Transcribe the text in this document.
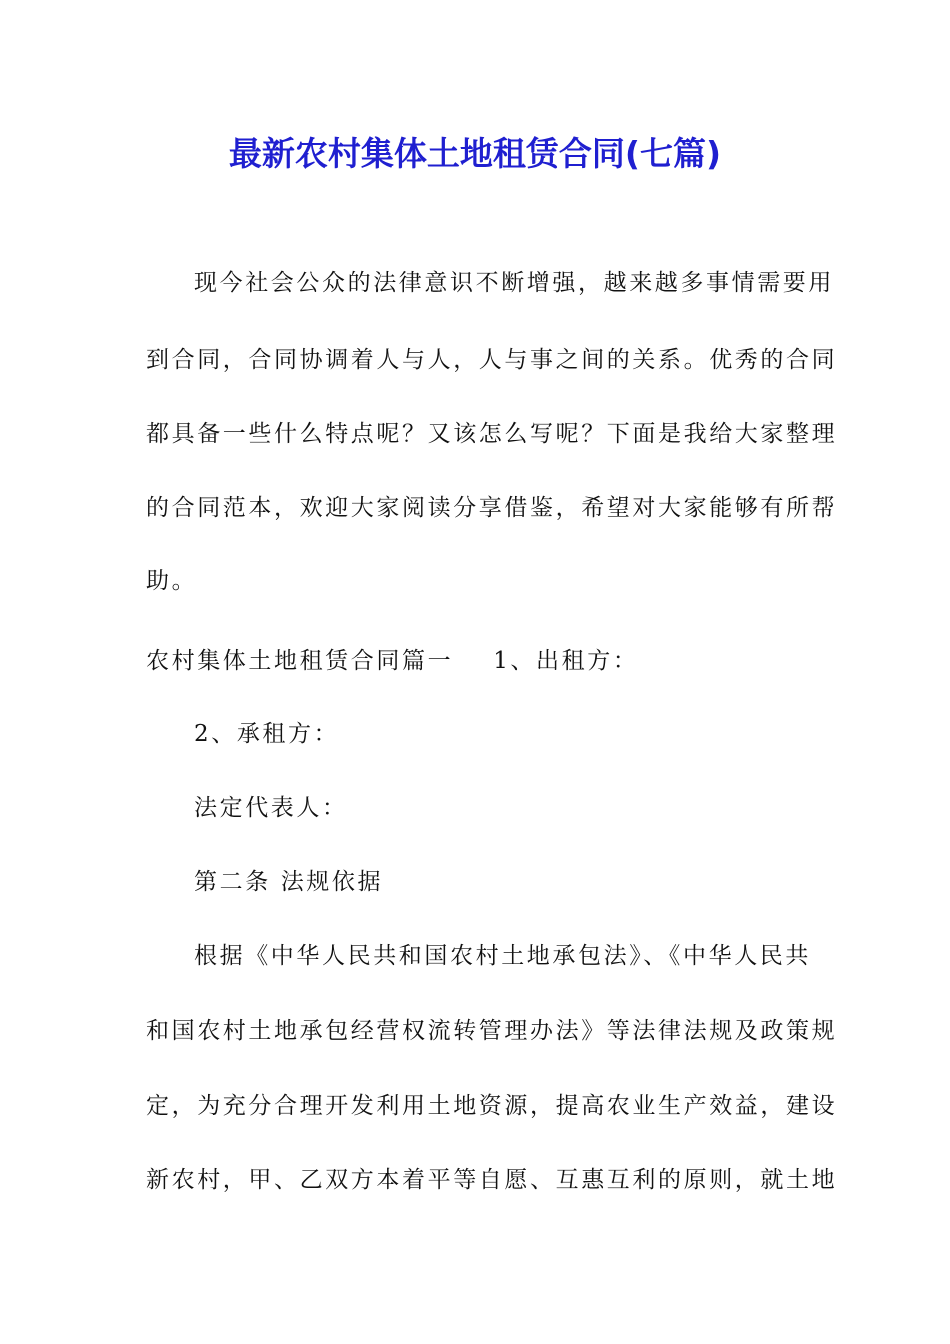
最新农村集体土地租赁合同(七篇)
现今社会公众的法律意识不断增强，越来越多事情需要用
到合同，合同协调着人与人，人与事之间的关系。优秀的合同
都具备一些什么特点呢？又该怎么写呢？下面是我给大家整理
的合同范本，欢迎大家阅读分享借鉴，希望对大家能够有所帮
助。
农村集体土地租赁合同篇一 1、出租方：
2、承租方：
法定代表人：
第二条 法规依据
根据《中华人民共和国农村土地承包法》、《中华人民共
和国农村土地承包经营权流转管理办法》等法律法规及政策规
定，为充分合理开发利用土地资源，提高农业生产效益，建设
新农村，甲、乙双方本着平等自愿、互惠互利的原则，就土地
